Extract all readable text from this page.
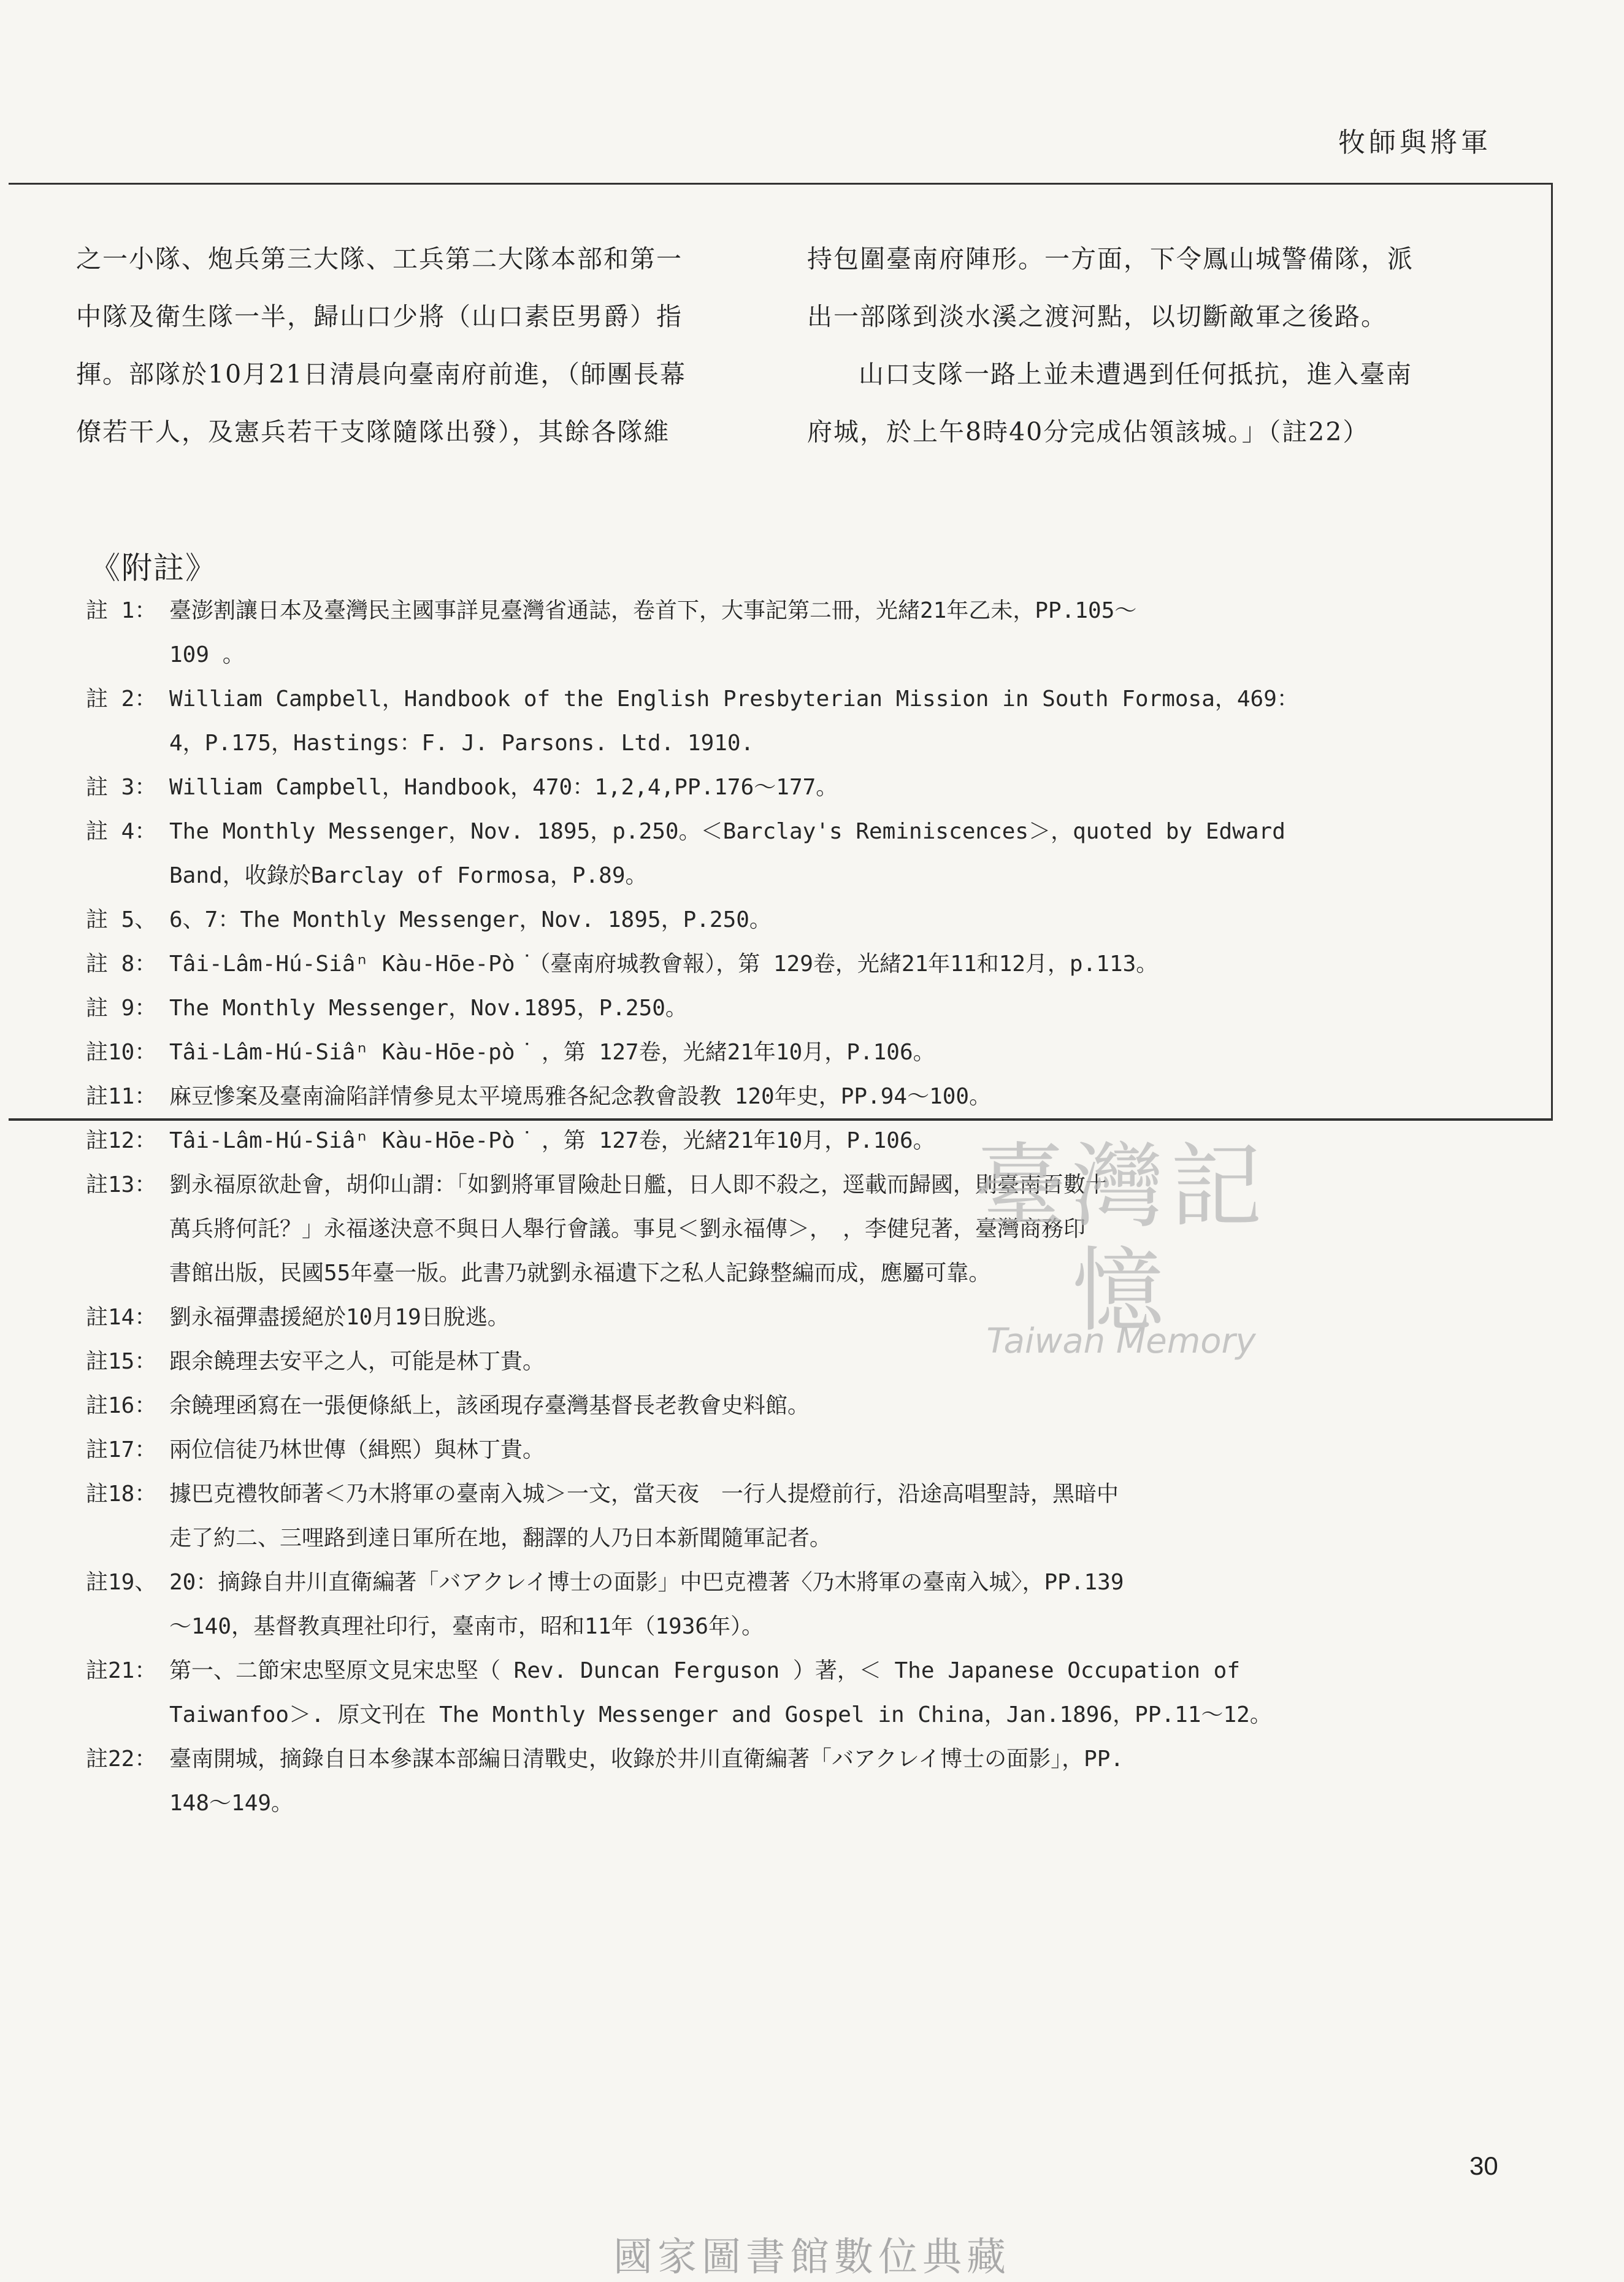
牧師與將軍

之一小隊、炮兵第三大隊、工兵第二大隊本部和第一

中隊及衛生隊一半，歸山口少將（山口素臣男爵）指

揮。部隊於10月21日清晨向臺南府前進，（師團長幕

僚若干人，及憲兵若干支隊隨隊出發），其餘各隊維

持包圍臺南府陣形。一方面，下令鳳山城警備隊，派

出一部隊到淡水溪之渡河點，以切斷敵軍之後路。

山口支隊一路上並未遭遇到任何抵抗，進入臺南

府城，於上午8時40分完成佔領該城。」（註22）

《附註》
註 1： 臺澎割讓日本及臺灣民主國事詳見臺灣省通誌，卷首下，大事記第二冊，光緒21年乙未，PP.105～
109 。
註 2： William Campbell，Handbook of the English Presbyterian Mission in South Formosa，469：
4，P.175，Hastings：F. J. Parsons. Ltd. 1910.
註 3： William Campbell，Handbook，470：1,2,4,PP.176～177。
註 4： The Monthly Messenger，Nov. 1895，p.250。＜Barclay's Reminiscences＞，quoted by Edward
Band，收錄於Barclay of Formosa，P.89。
註 5、 6、7：The Monthly Messenger，Nov. 1895，P.250。
註 8： Tâi-Lâm-Hú-Siâⁿ Kàu-Hōe-Pò͘（臺南府城教會報），第 129卷，光緒21年11和12月，p.113。
註 9： The Monthly Messenger，Nov.1895，P.250。
註10： Tâi-Lâm-Hú-Siâⁿ Kàu-Hōe-pò͘ ，第 127卷，光緒21年10月，P.106。
註11： 麻豆慘案及臺南淪陷詳情參見太平境馬雅各紀念教會設教 120年史，PP.94～100。
註12： Tâi-Lâm-Hú-Siâⁿ Kàu-Hōe-Pò͘ ，第 127卷，光緒21年10月，P.106。
註13： 劉永福原欲赴會，胡仰山謂：「如劉將軍冒險赴日艦，日人即不殺之，逕載而歸國，則臺南百數十
萬兵將何託？」永福遂決意不與日人舉行會議。事見＜劉永福傳＞，　，李健兒著，臺灣商務印
書館出版，民國55年臺一版。此書乃就劉永福遺下之私人記錄整編而成，應屬可靠。
註14： 劉永福彈盡援絕於10月19日脫逃。
註15： 跟余饒理去安平之人，可能是林丁貴。
註16： 余饒理函寫在一張便條紙上，該函現存臺灣基督長老教會史料館。
註17： 兩位信徒乃林世傳（緝熙）與林丁貴。
註18： 據巴克禮牧師著＜乃木將軍の臺南入城＞一文，當天夜　一行人提燈前行，沿途高唱聖詩，黑暗中
走了約二、三哩路到達日軍所在地，翻譯的人乃日本新聞隨軍記者。
註19、 20：摘錄自井川直衛編著「バアクレイ博士の面影」中巴克禮著〈乃木將軍の臺南入城〉，PP.139
～140，基督教真理社印行，臺南市，昭和11年（1936年）。
註21： 第一、二節宋忠堅原文見宋忠堅（ Rev. Duncan Ferguson ）著，＜ The Japanese Occupation of
Taiwanfoo＞. 原文刊在 The Monthly Messenger and Gospel in China，Jan.1896，PP.11～12。
註22： 臺南開城，摘錄自日本參謀本部編日清戰史，收錄於井川直衛編著「バアクレイ博士の面影」，PP.
148～149。
臺灣記憶
Taiwan Memory
30
國家圖書館數位典藏
